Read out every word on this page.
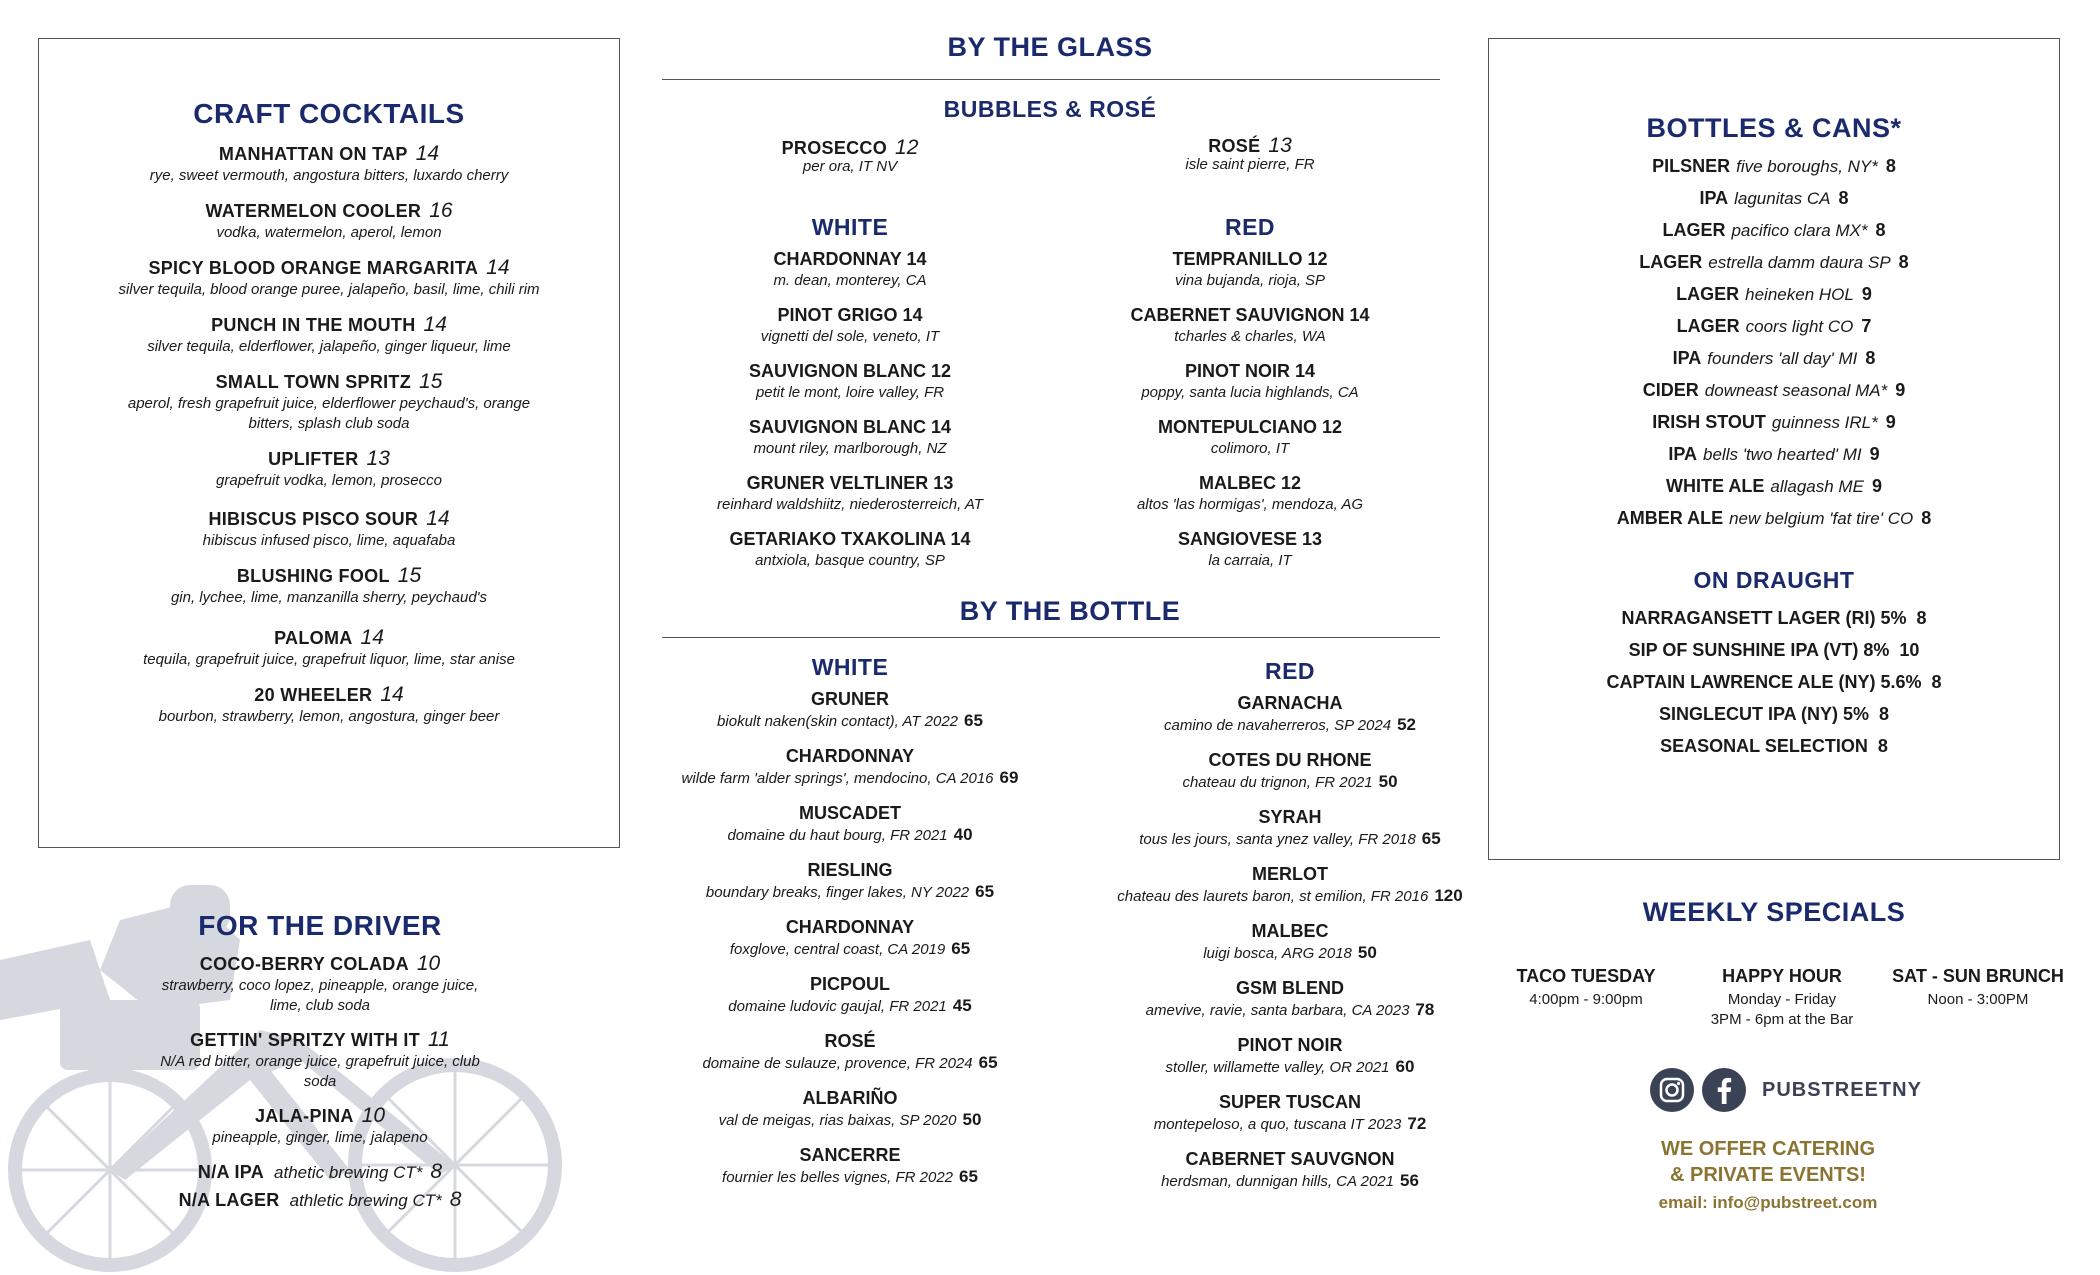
CRAFT COCKTAILS
MANHATTAN ON TAP 14
rye, sweet vermouth, angostura bitters, luxardo cherry
WATERMELON COOLER 16
vodka, watermelon, aperol, lemon
SPICY BLOOD ORANGE MARGARITA 14
silver tequila, blood orange puree, jalapeño, basil, lime, chili rim
PUNCH IN THE MOUTH 14
silver tequila, elderflower, jalapeño, ginger liqueur, lime
SMALL TOWN SPRITZ 15
aperol, fresh grapefruit juice, elderflower peychaud's, orange bitters, splash club soda
UPLIFTER 13
grapefruit vodka, lemon, prosecco
HIBISCUS PISCO SOUR 14
hibiscus infused pisco, lime, aquafaba
BLUSHING FOOL 15
gin, lychee, lime, manzanilla sherry, peychaud's
PALOMA 14
tequila, grapefruit juice, grapefruit liquor, lime, star anise
20 WHEELER 14
bourbon, strawberry, lemon, angostura, ginger beer
FOR THE DRIVER
COCO-BERRY COLADA 10
strawberry, coco lopez, pineapple, orange juice, lime, club soda
GETTIN' SPRITZY WITH IT 11
N/A red bitter, orange juice, grapefruit juice, club soda
JALA-PINA 10
pineapple, ginger, lime, jalapeno
N/A IPA athetic brewing CT* 8
N/A LAGER athletic brewing CT* 8
BY THE GLASS
BUBBLES & ROSÉ
PROSECCO 12
per ora, IT NV
ROSÉ 13
isle saint pierre, FR
WHITE
CHARDONNAY 14
m. dean, monterey, CA
PINOT GRIGO 14
vignetti del sole, veneto, IT
SAUVIGNON BLANC 12
petit le mont, loire valley, FR
SAUVIGNON BLANC 14
mount riley, marlborough, NZ
GRUNER VELTLINER 13
reinhard waldshiitz, niederosterreich, AT
GETARIAKO TXAKOLINA 14
antxiola, basque country, SP
RED
TEMPRANILLO 12
vina bujanda, rioja, SP
CABERNET SAUVIGNON 14
tcharles & charles, WA
PINOT NOIR 14
poppy, santa lucia highlands, CA
MONTEPULCIANO 12
colimoro, IT
MALBEC 12
altos 'las hormigas', mendoza, AG
SANGIOVESE 13
la carraia, IT
BY THE BOTTLE
WHITE
GRUNER
biokult naken(skin contact), AT 2022 65
CHARDONNAY
wilde farm 'alder springs', mendocino, CA 2016 69
MUSCADET
domaine du haut bourg, FR 2021 40
RIESLING
boundary breaks, finger lakes, NY 2022 65
CHARDONNAY
foxglove, central coast, CA 2019 65
PICPOUL
domaine ludovic gaujal, FR 2021 45
ROSÉ
domaine de sulauze, provence, FR 2024 65
ALBARIÑO
val de meigas, rias baixas, SP 2020 50
SANCERRE
fournier les belles vignes, FR 2022 65
RED
GARNACHA
camino de navaherreros, SP 2024 52
COTES DU RHONE
chateau du trignon, FR 2021 50
SYRAH
tous les jours, santa ynez valley, FR 2018 65
MERLOT
chateau des laurets baron, st emilion, FR 2016 120
MALBEC
luigi bosca, ARG 2018 50
GSM BLEND
amevive, ravie, santa barbara, CA 2023 78
PINOT NOIR
stoller, willamette valley, OR 2021 60
SUPER TUSCAN
montepeloso, a quo, tuscana IT 2023 72
CABERNET SAUVGNON
herdsman, dunnigan hills, CA 2021 56
BOTTLES & CANS*
PILSNER five boroughs, NY* 8
IPA lagunitas CA 8
LAGER pacifico clara MX* 8
LAGER estrella damm daura SP 8
LAGER heineken HOL 9
LAGER coors light CO 7
IPA founders 'all day' MI 8
CIDER downeast seasonal MA* 9
IRISH STOUT guinness IRL* 9
IPA bells 'two hearted' MI 9
WHITE ALE allagash ME 9
AMBER ALE new belgium 'fat tire' CO 8
ON DRAUGHT
NARRAGANSETT LAGER (RI) 5% 8
SIP OF SUNSHINE IPA (VT) 8% 10
CAPTAIN LAWRENCE ALE (NY) 5.6% 8
SINGLECUT IPA (NY) 5% 8
SEASONAL SELECTION 8
WEEKLY SPECIALS
TACO TUESDAY
4:00pm - 9:00pm
HAPPY HOUR
Monday - Friday
3PM - 6pm at the Bar
SAT - SUN BRUNCH
Noon - 3:00PM
PUBSTREETNY
WE OFFER CATERING
& PRIVATE EVENTS!
email: info@pubstreet.com
